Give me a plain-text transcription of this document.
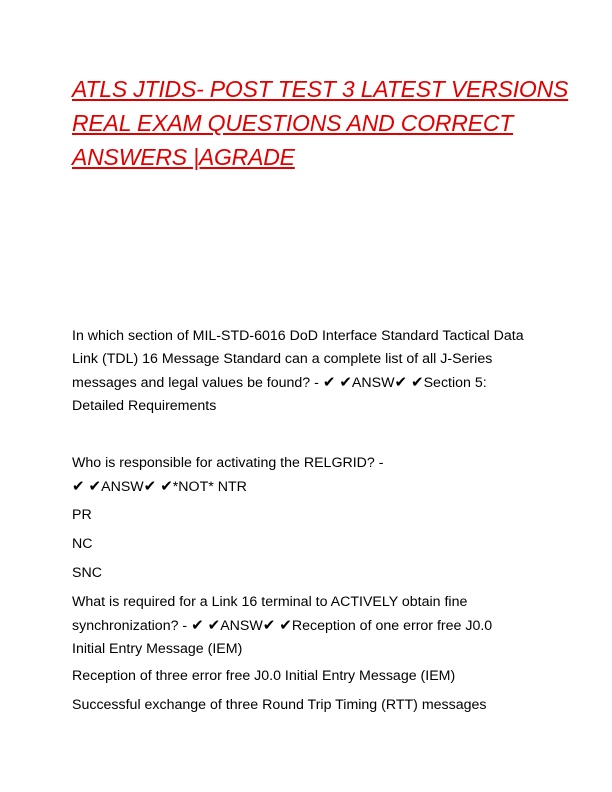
ATLS JTIDS- POST TEST 3 LATEST VERSIONS
REAL EXAM QUESTIONS AND CORRECT
ANSWERS |AGRADE
In which section of MIL-STD-6016 DoD Interface Standard Tactical Data
Link (TDL) 16 Message Standard can a complete list of all J-Series
messages and legal values be found? - ✔ ✔ANSW✔ ✔Section 5:
Detailed Requirements
Who is responsible for activating the RELGRID? -
✔ ✔ANSW✔ ✔*NOT* NTR
PR
NC
SNC
What is required for a Link 16 terminal to ACTIVELY obtain fine
synchronization? - ✔ ✔ANSW✔ ✔Reception of one error free J0.0
Initial Entry Message (IEM)
Reception of three error free J0.0 Initial Entry Message (IEM)
Successful exchange of three Round Trip Timing (RTT) messages
